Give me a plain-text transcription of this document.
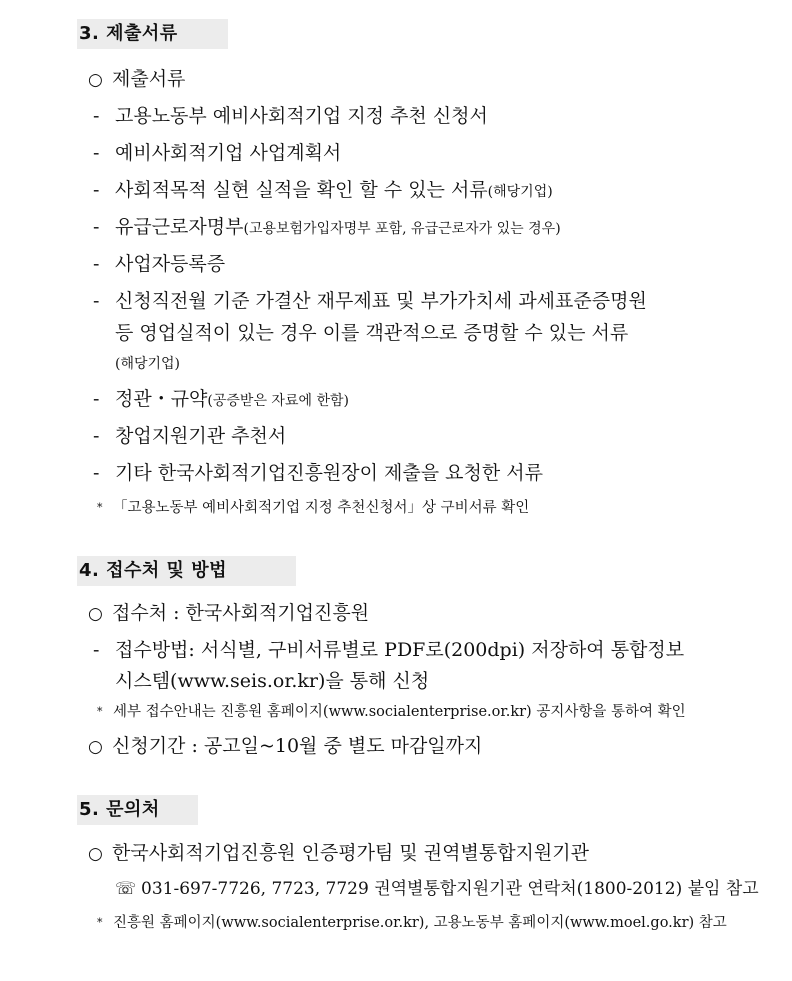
3. 제출서류
○ 제출서류
- 고용노동부 예비사회적기업 지정 추천 신청서
- 예비사회적기업 사업계획서
- 사회적목적 실현 실적을 확인 할 수 있는 서류(해당기업)
- 유급근로자명부(고용보험가입자명부 포함, 유급근로자가 있는 경우)
- 사업자등록증
- 신청직전월 기준 가결산 재무제표 및 부가가치세 과세표준증명원
등 영업실적이 있는 경우 이를 객관적으로 증명할 수 있는 서류
(해당기업)
- 정관・규약(공증받은 자료에 한함)
- 창업지원기관 추천서
- 기타 한국사회적기업진흥원장이 제출을 요청한 서류
* 「고용노동부 예비사회적기업 지정 추천신청서」상 구비서류 확인
4. 접수처 및 방법
○ 접수처 : 한국사회적기업진흥원
- 접수방법: 서식별, 구비서류별로 PDF로(200dpi) 저장하여 통합정보
시스템(www.seis.or.kr)을 통해 신청
* 세부 접수안내는 진흥원 홈페이지(www.socialenterprise.or.kr) 공지사항을 통하여 확인
○ 신청기간 : 공고일~10월 중 별도 마감일까지
5. 문의처
○ 한국사회적기업진흥원 인증평가팀 및 권역별통합지원기관
☏ 031-697-7726, 7723, 7729 권역별통합지원기관 연락처(1800-2012) 붙임 참고
* 진흥원 홈페이지(www.socialenterprise.or.kr), 고용노동부 홈페이지(www.moel.go.kr) 참고
